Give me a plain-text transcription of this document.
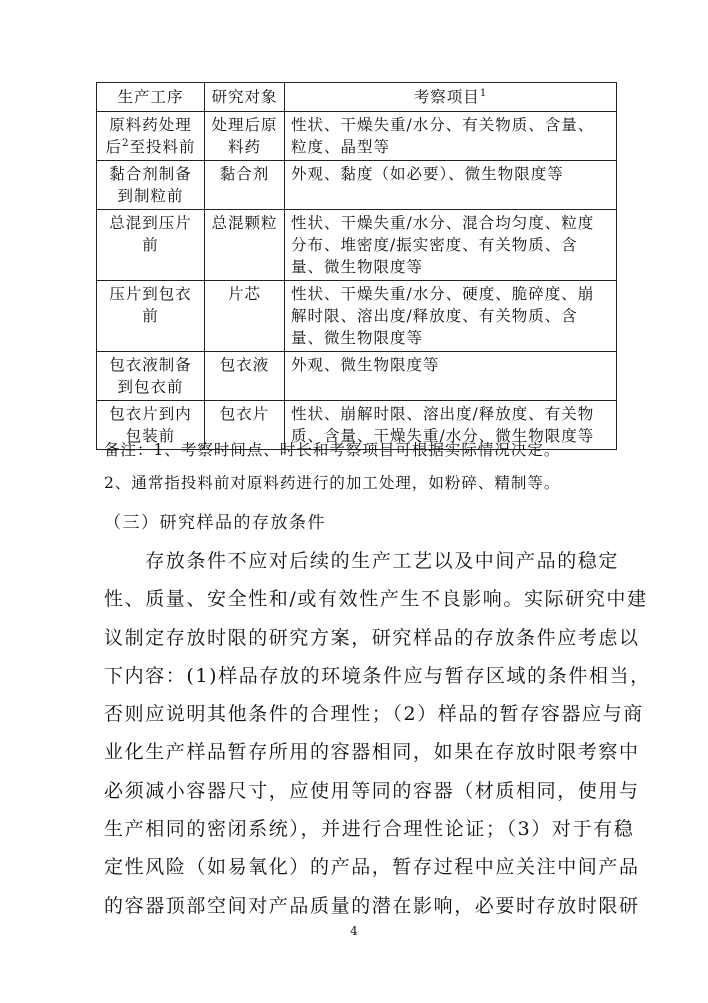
生产工序	研究对象	考察项目$^1$
原料药处理后$^2$至投料前	处理后原料药	性状、干燥失重/水分、有关物质、含量、粒度、晶型等
黏合剂制备到制粒前	黏合剂	外观、黏度（如必要）、微生物限度等
总混到压片前	总混颗粒	性状、干燥失重/水分、混合均匀度、粒度分布、堆密度/振实密度、有关物质、含量、微生物限度等
压片到包衣前	片芯	性状、干燥失重/水分、硬度、脆碎度、崩解时限、溶出度/释放度、有关物质、含量、微生物限度等
包衣液制备到包衣前	包衣液	外观、微生物限度等
包衣片到内包装前	包衣片	性状、崩解时限、溶出度/释放度、有关物质、含量、干燥失重/水分、微生物限度等
备注：1、考察时间点、时长和考察项目可根据实际情况决定。
2、通常指投料前对原料药进行的加工处理，如粉碎、精制等。
（三）研究样品的存放条件
　　存放条件不应对后续的生产工艺以及中间产品的稳定
性、质量、安全性和/或有效性产生不良影响。实际研究中建
议制定存放时限的研究方案，研究样品的存放条件应考虑以
下内容：(1)样品存放的环境条件应与暂存区域的条件相当，
否则应说明其他条件的合理性；（2）样品的暂存容器应与商
业化生产样品暂存所用的容器相同，如果在存放时限考察中
必须减小容器尺寸，应使用等同的容器（材质相同，使用与
生产相同的密闭系统），并进行合理性论证；（3）对于有稳
定性风险（如易氧化）的产品，暂存过程中应关注中间产品
的容器顶部空间对产品质量的潜在影响，必要时存放时限研
4
